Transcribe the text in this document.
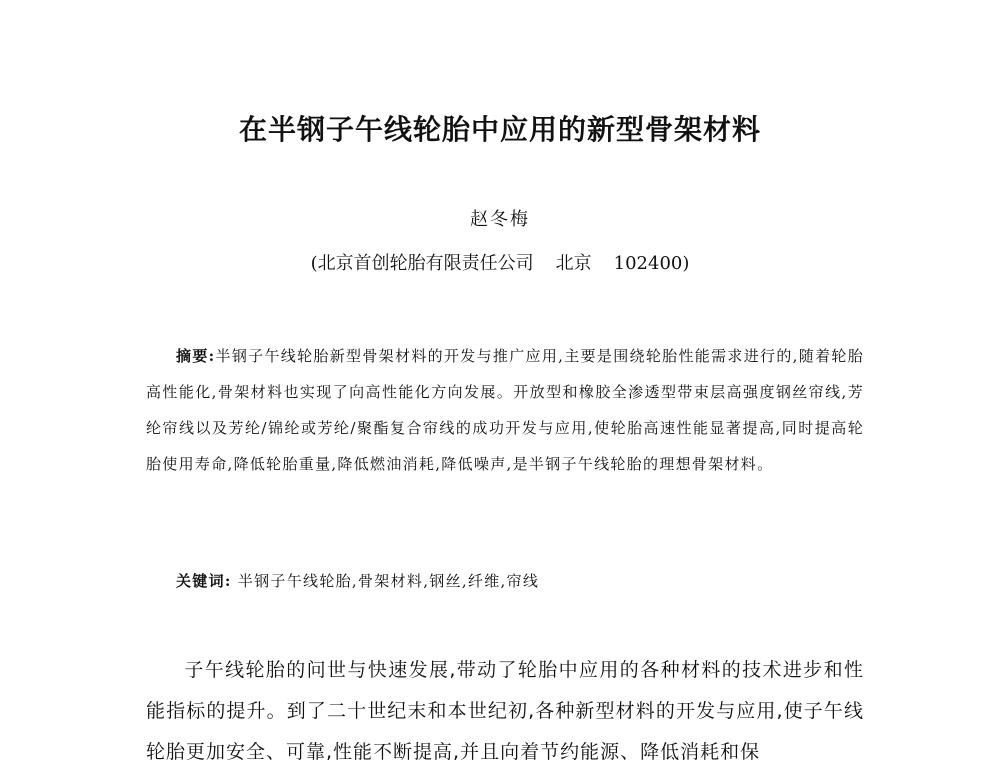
在半钢子午线轮胎中应用的新型骨架材料
赵冬梅
(北京首创轮胎有限责任公司 北京 102400)

摘要:半钢子午线轮胎新型骨架材料的开发与推广应用,主要是围绕轮胎性能需求进行的,随着轮胎高性能化,骨架材料也实现了向高性能化方向发展。开放型和橡胶全渗透型带束层高强度钢丝帘线,芳纶帘线以及芳纶/锦纶或芳纶/聚酯复合帘线的成功开发与应用,使轮胎高速性能显著提高,同时提高轮胎使用寿命,降低轮胎重量,降低燃油消耗,降低噪声,是半钢子午线轮胎的理想骨架材料。

关键词: 半钢子午线轮胎,骨架材料,钢丝,纤维,帘线

子午线轮胎的问世与快速发展,带动了轮胎中应用的各种材料的技术进步和性能指标的提升。到了二十世纪末和本世纪初,各种新型材料的开发与应用,使子午线轮胎更加安全、可靠,性能不断提高,并且向着节约能源、降低消耗和保
